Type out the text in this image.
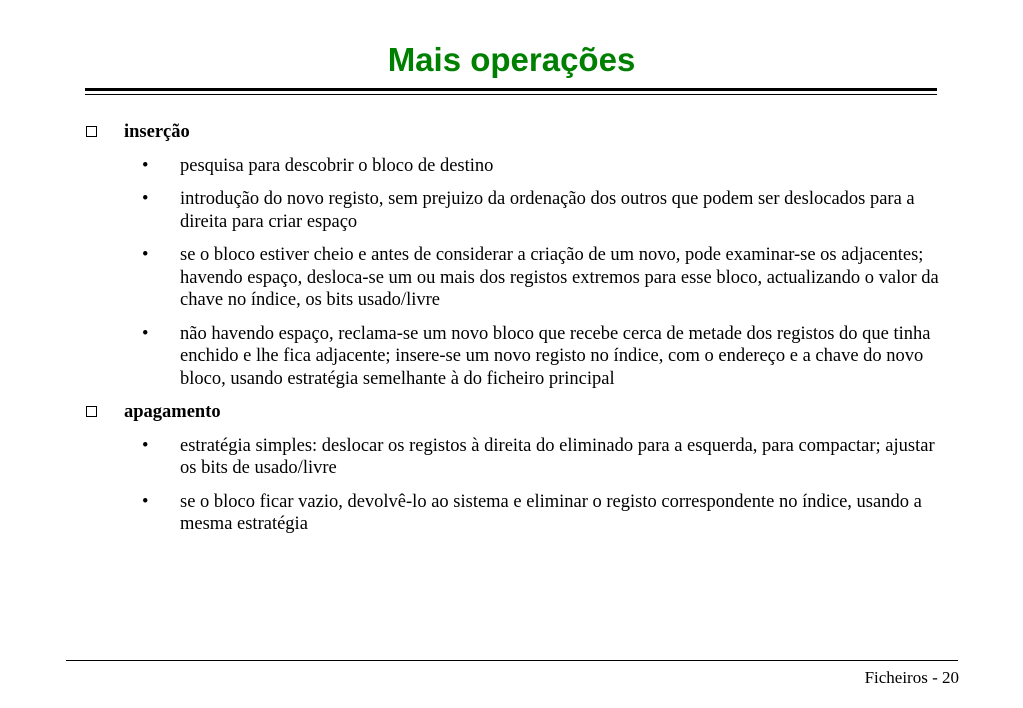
Mais operações
inserção
• pesquisa para descobrir o bloco de destino
• introdução do novo registo, sem prejuizo da ordenação dos outros que podem ser deslocados para a direita para criar espaço
• se o bloco estiver cheio e antes de considerar a criação de um novo, pode examinar-se os adjacentes; havendo espaço, desloca-se um ou mais dos registos extremos para esse bloco, actualizando o valor da chave no índice, os bits usado/livre
• não havendo espaço, reclama-se um novo bloco que recebe cerca de metade dos registos do que tinha enchido e lhe fica adjacente; insere-se um novo registo no índice, com o endereço e a chave do novo bloco, usando estratégia semelhante à do ficheiro principal
apagamento
• estratégia simples: deslocar os registos à direita do eliminado para a esquerda, para compactar; ajustar os bits de usado/livre
• se o bloco ficar vazio, devolvê-lo ao sistema e eliminar o registo correspondente no índice, usando a mesma estratégia
Ficheiros - 20
